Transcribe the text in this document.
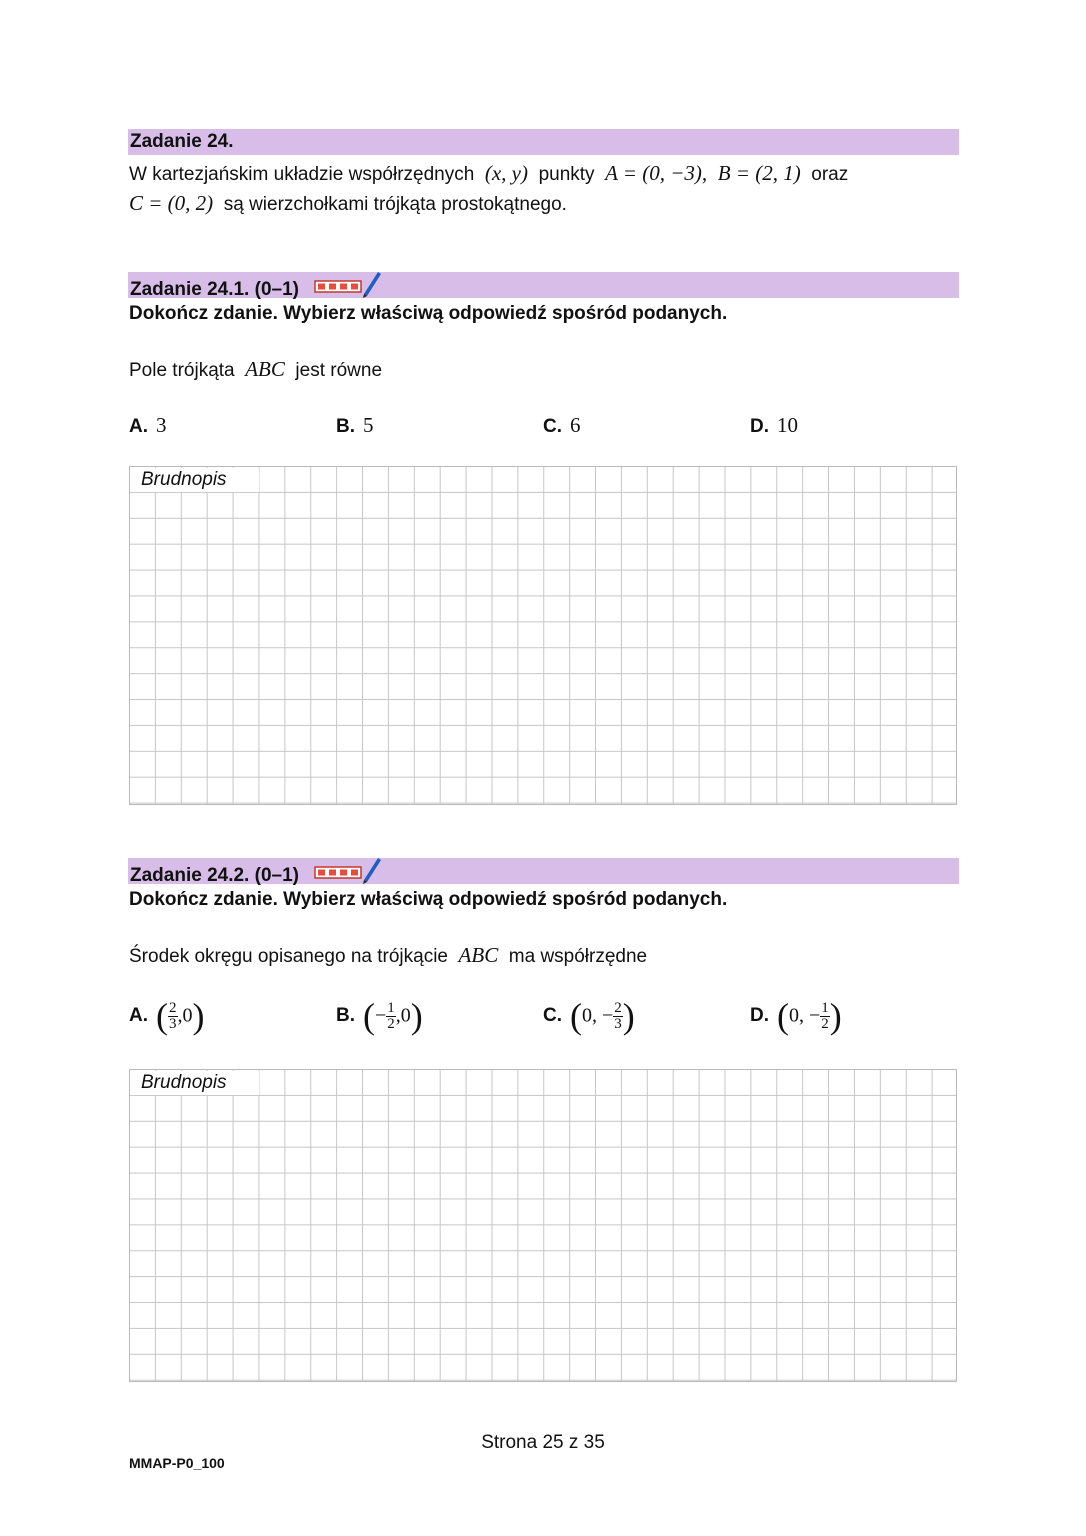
Zadanie 24.
W kartezjańskim układzie współrzędnych (x, y) punkty A = (0, −3), B = (2, 1) oraz
C = (0, 2) są wierzchołkami trójkąta prostokątnego.
Zadanie 24.1. (0–1)
Dokończ zdanie. Wybierz właściwą odpowiedź spośród podanych.
Pole trójkąta ABC jest równe
A. 3	B. 5	C. 6	D. 10
Brudnopis
Zadanie 24.2. (0–1)
Dokończ zdanie. Wybierz właściwą odpowiedź spośród podanych.
Środek okręgu opisanego na trójkącie ABC ma współrzędne
A. ( $\frac{2}{3} ,0$)	B. (− $\frac{1}{2} ,0$)	C. (0, − $\frac{2}{3}$ )	D. (0, − $\frac{1}{2}$ )
Brudnopis
Strona 25 z 35
MMAP-P0_100
